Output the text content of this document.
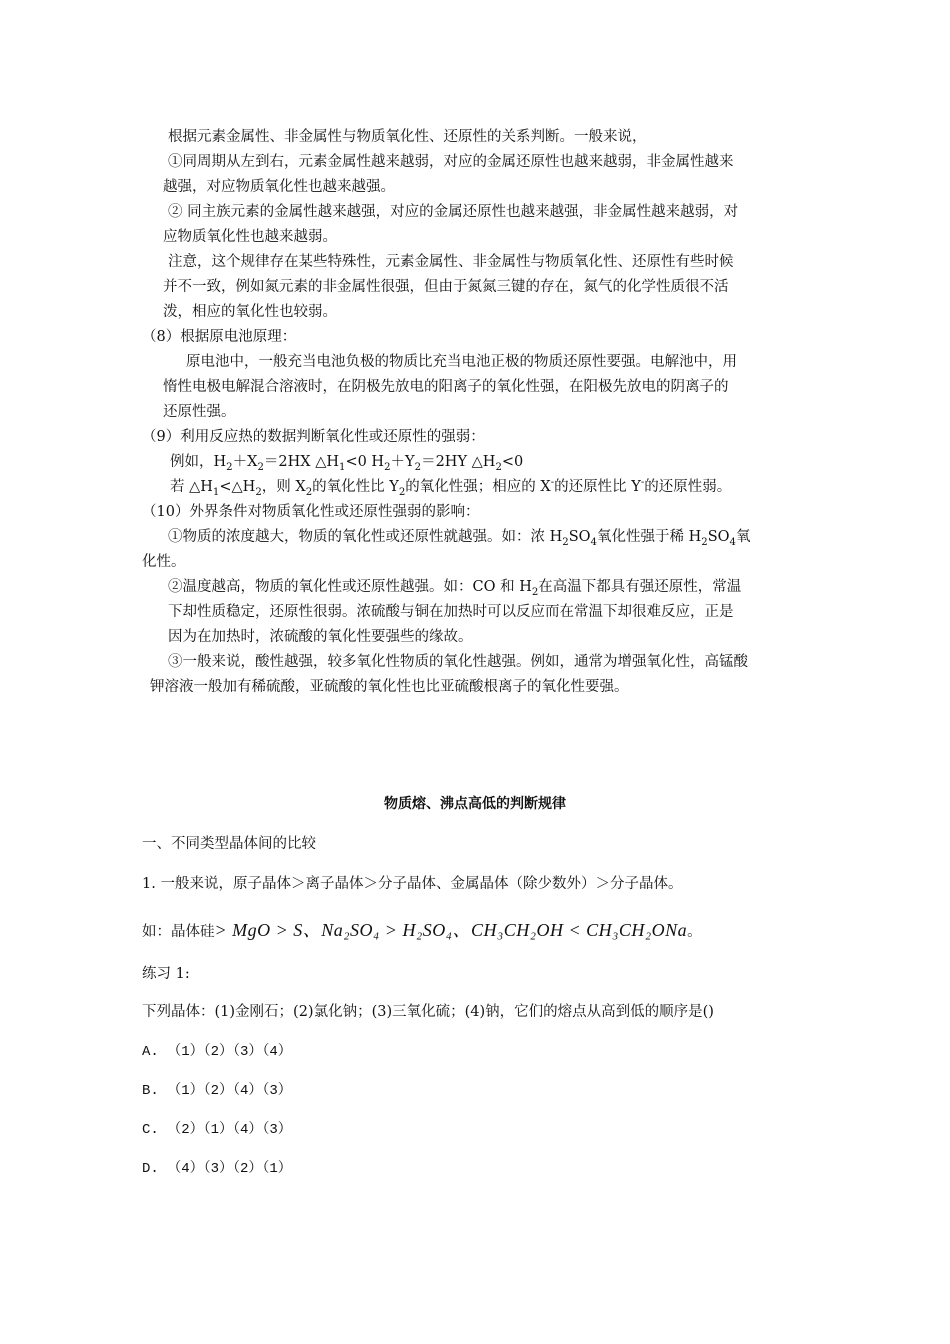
根据元素金属性、非金属性与物质氧化性、还原性的关系判断。一般来说，

①同周期从左到右，元素金属性越来越弱，对应的金属还原性也越来越弱，非金属性越来

越强，对应物质氧化性也越来越强。

② 同主族元素的金属性越来越强，对应的金属还原性也越来越强，非金属性越来越弱，对

应物质氧化性也越来越弱。

注意，这个规律存在某些特殊性，元素金属性、非金属性与物质氧化性、还原性有些时候

并不一致，例如氮元素的非金属性很强，但由于氮氮三键的存在，氮气的化学性质很不活

泼，相应的氧化性也较弱。

（8）根据原电池原理：

原电池中，一般充当电池负极的物质比充当电池正极的物质还原性要强。电解池中，用

惰性电极电解混合溶液时，在阴极先放电的阳离子的氧化性强，在阳极先放电的阴离子的

还原性强。

（9）利用反应热的数据判断氧化性或还原性的强弱：

例如，$H_2+X_2=2HX$ $\triangle H_1<0$ $H_2+Y_2=2HY$ $\triangle H_2<0$

若 $\triangle H_1<\triangle H_2$，则 $X_2$的氧化性比 $Y_2$的氧化性强；相应的 X-的还原性比 Y-的还原性弱。

（10）外界条件对物质氧化性或还原性强弱的影响：

①物质的浓度越大，物质的氧化性或还原性就越强。如：浓 $H_2SO_4$氧化性强于稀 $H_2SO_4$氧

化性。

②温度越高，物质的氧化性或还原性越强。如：CO 和 $H_2$在高温下都具有强还原性，常温

下却性质稳定，还原性很弱。浓硫酸与铜在加热时可以反应而在常温下却很难反应，正是

因为在加热时，浓硫酸的氧化性要强些的缘故。

③一般来说，酸性越强，较多氧化性物质的氧化性越强。例如，通常为增强氧化性，高锰酸

钾溶液一般加有稀硫酸，亚硫酸的氧化性也比亚硫酸根离子的氧化性要强。

物质熔、沸点高低的判断规律

一、不同类型晶体间的比较

1. 一般来说，原子晶体＞离子晶体＞分子晶体、金属晶体（除少数外）＞分子晶体。

如：晶体硅> MgO > S、Na₂SO₄ > H₂SO₄、CH₃CH₂OH < CH₃CH₂ONa。

练习 1:

下列晶体：(1)金刚石；(2)氯化钠；(3)三氧化硫；(4)钠，它们的熔点从高到低的顺序是()

A. （1）（2）（3）（4）

B. （1）（2）（4）（3）

C. （2）（1）（4）（3）

D. （4）（3）（2）（1）
